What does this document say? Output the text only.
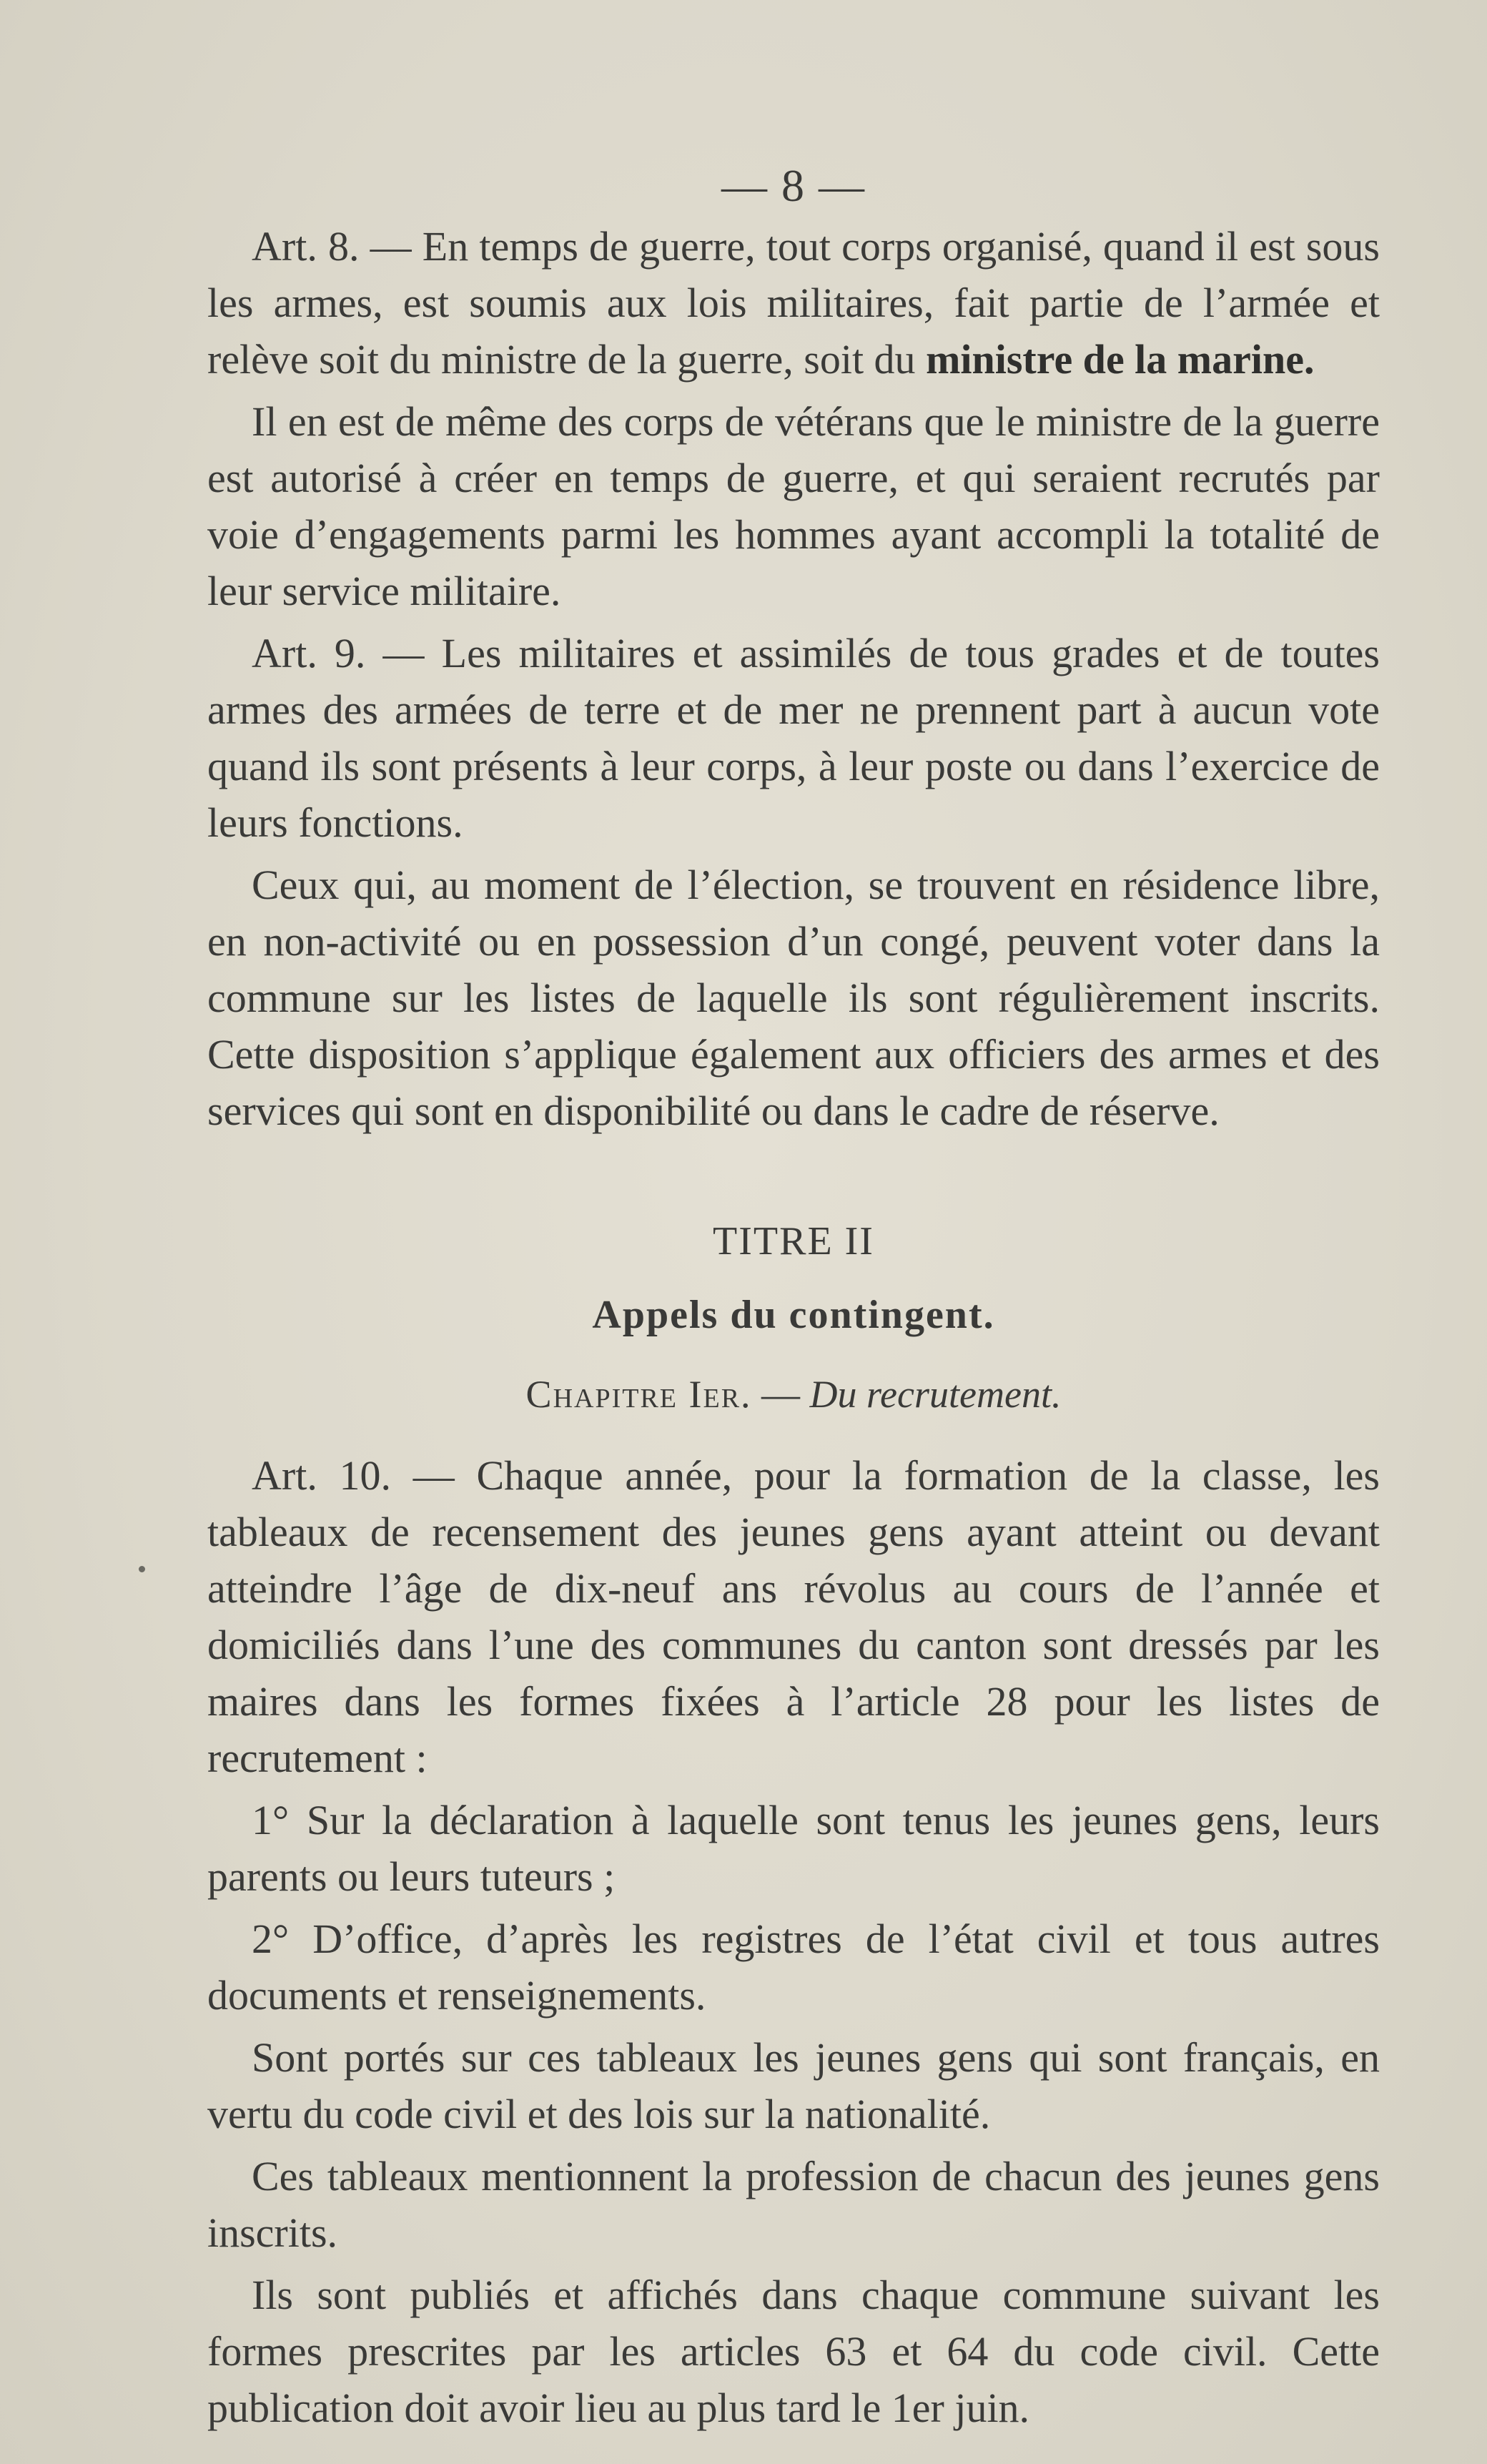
— 8 —

Art. 8. — En temps de guerre, tout corps organisé, quand il est sous les armes, est soumis aux lois militaires, fait partie de l’armée et relève soit du ministre de la guerre, soit du ministre de la marine.

Il en est de même des corps de vétérans que le ministre de la guerre est autorisé à créer en temps de guerre, et qui seraient recrutés par voie d’engagements parmi les hommes ayant accompli la totalité de leur service militaire.

Art. 9. — Les militaires et assimilés de tous grades et de toutes armes des armées de terre et de mer ne prennent part à aucun vote quand ils sont présents à leur corps, à leur poste ou dans l’exercice de leurs fonctions.

Ceux qui, au moment de l’élection, se trouvent en résidence libre, en non-activité ou en possession d’un congé, peuvent voter dans la commune sur les listes de laquelle ils sont régulièrement inscrits. Cette disposition s’applique également aux officiers des armes et des services qui sont en disponibilité ou dans le cadre de réserve.

TITRE II
Appels du contingent.
Chapitre Ier. — Du recrutement.

Art. 10. — Chaque année, pour la formation de la classe, les tableaux de recensement des jeunes gens ayant atteint ou devant atteindre l’âge de dix-neuf ans révolus au cours de l’année et domiciliés dans l’une des communes du canton sont dressés par les maires dans les formes fixées à l’article 28 pour les listes de recrutement :

1° Sur la déclaration à laquelle sont tenus les jeunes gens, leurs parents ou leurs tuteurs ;

2° D’office, d’après les registres de l’état civil et tous autres documents et renseignements.

Sont portés sur ces tableaux les jeunes gens qui sont français, en vertu du code civil et des lois sur la nationalité.

Ces tableaux mentionnent la profession de chacun des jeunes gens inscrits.

Ils sont publiés et affichés dans chaque commune suivant les formes prescrites par les articles 63 et 64 du code civil. Cette publication doit avoir lieu au plus tard le 1er juin.
